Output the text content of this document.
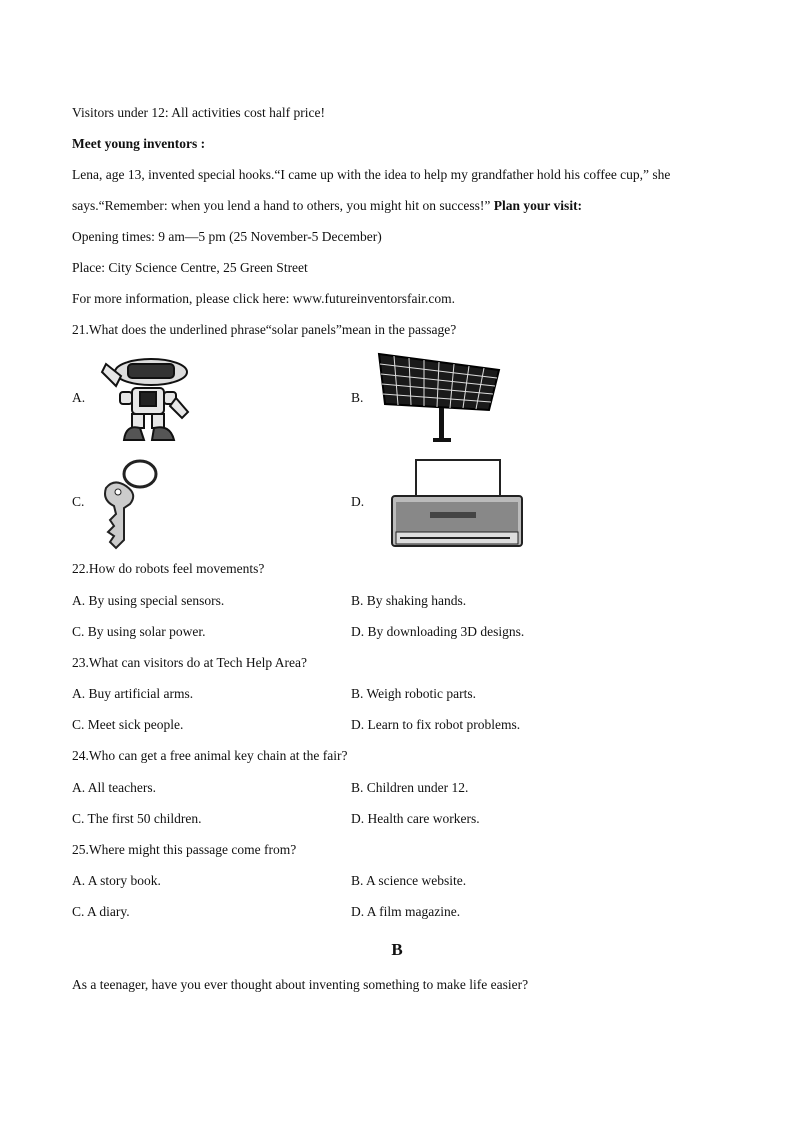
Visitors under 12: All activities cost half price!
Meet young inventors :
Lena, age 13, invented special hooks.“I came up with the idea to help my grandfather hold his coffee cup,” she
says.“Remember: when you lend a hand to others, you might hit on success!” Plan your visit:
Opening times: 9 am—5 pm (25 November-5 December)
Place: City Science Centre, 25 Green Street
For more information, please click here: www.futureinventorsfair.com.
21.What does the underlined phrase“solar panels”mean in the passage?
A.	B.
C.	D.
22.How do robots feel movements?
A. By using special sensors.	B. By shaking hands.
C. By using solar power.	D. By downloading 3D designs.
23.What can visitors do at Tech Help Area?
A. Buy artificial arms.	B. Weigh robotic parts.
C. Meet sick people.	D. Learn to fix robot problems.
24.Who can get a free animal key chain at the fair?
A. All teachers.	B. Children under 12.
C. The first 50 children.	D. Health care workers.
25.Where might this passage come from?
A. A story book.	B. A science website.
C. A diary.	D. A film magazine.
B
As a teenager, have you ever thought about inventing something to make life easier?
